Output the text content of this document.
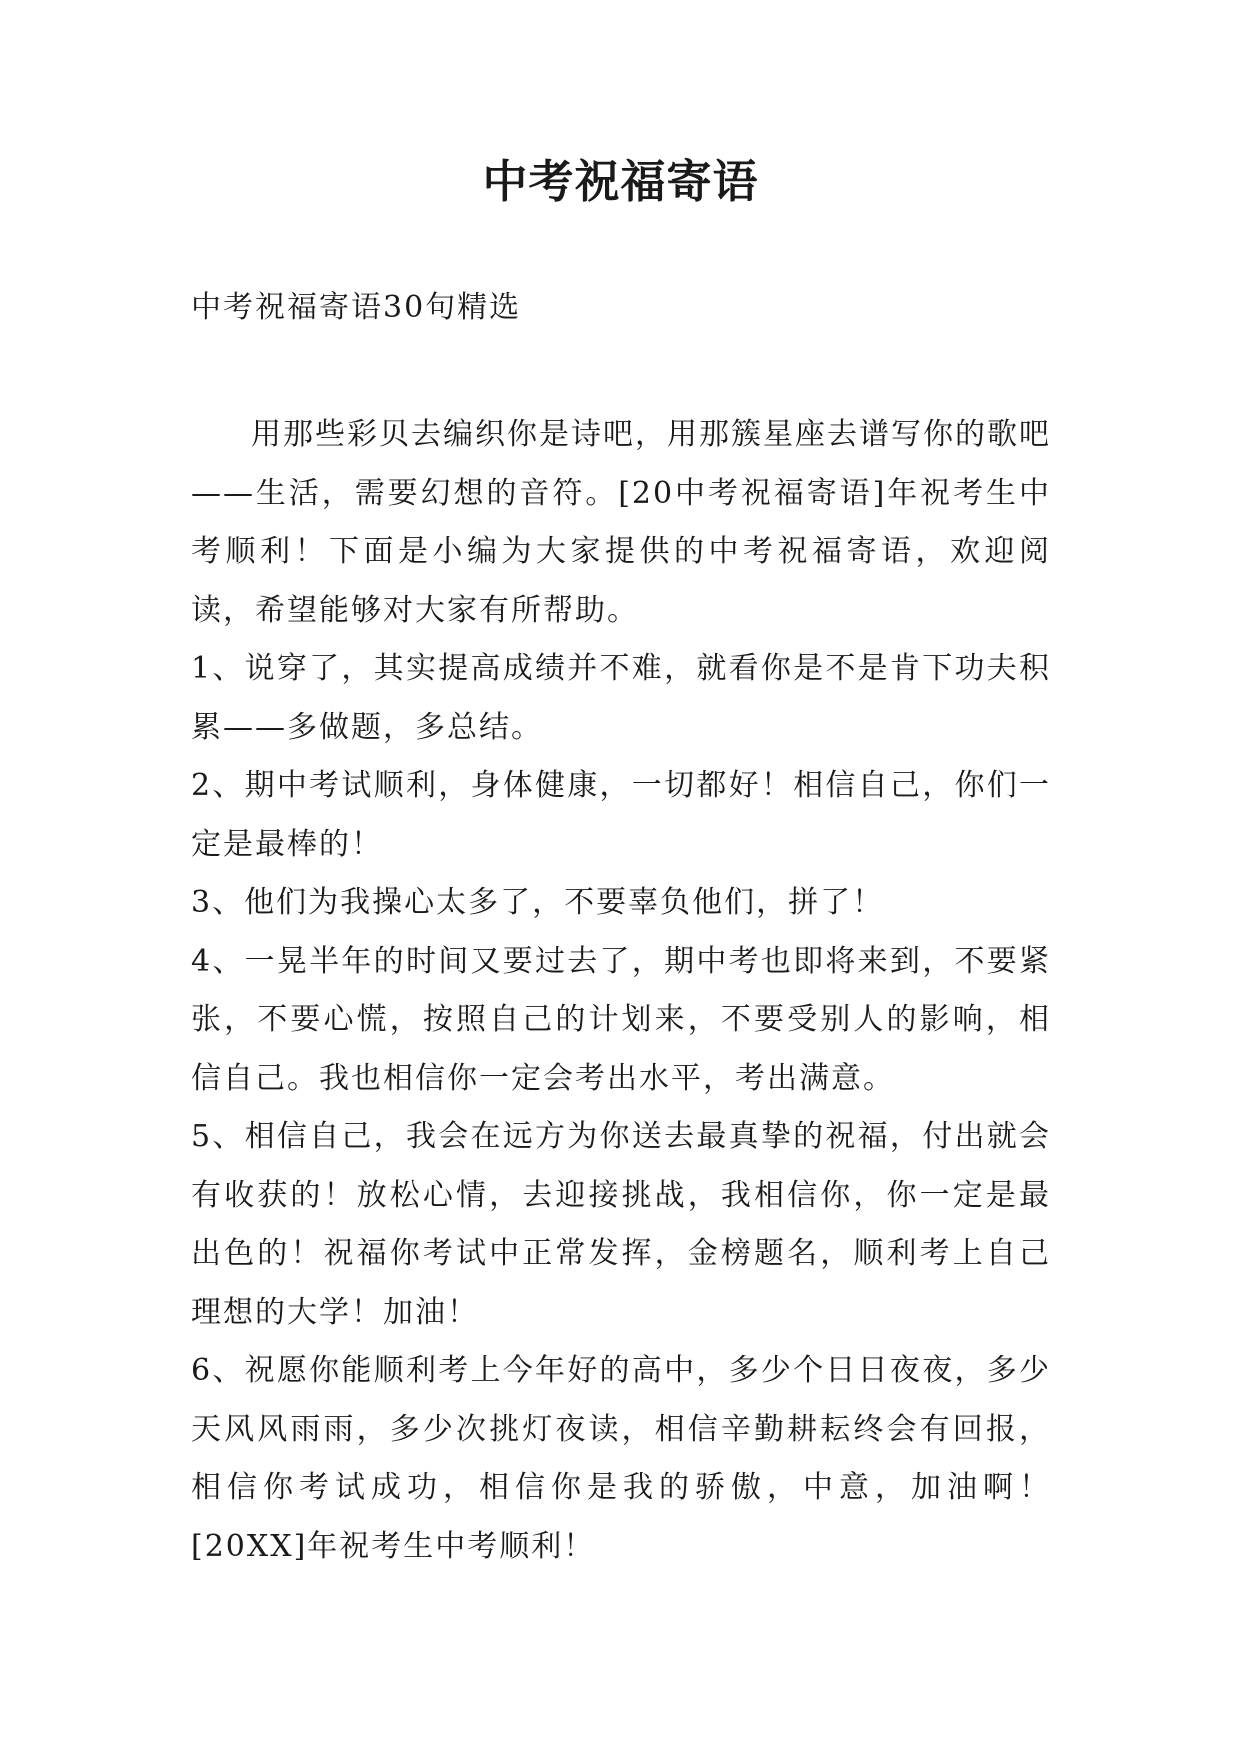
中考祝福寄语

中考祝福寄语30句精选

用那些彩贝去编织你是诗吧，用那簇星座去谱写你的歌吧——生活，需要幻想的音符。[20中考祝福寄语]年祝考生中考顺利！下面是小编为大家提供的中考祝福寄语，欢迎阅读，希望能够对大家有所帮助。

1、说穿了，其实提高成绩并不难，就看你是不是肯下功夫积累——多做题，多总结。

2、期中考试顺利，身体健康，一切都好！相信自己，你们一定是最棒的！

3、他们为我操心太多了，不要辜负他们，拼了！

4、一晃半年的时间又要过去了，期中考也即将来到，不要紧张，不要心慌，按照自己的计划来，不要受别人的影响，相信自己。我也相信你一定会考出水平，考出满意。

5、相信自己，我会在远方为你送去最真挚的祝福，付出就会有收获的！放松心情，去迎接挑战，我相信你，你一定是最出色的！祝福你考试中正常发挥，金榜题名，顺利考上自己理想的大学！加油！

6、祝愿你能顺利考上今年好的高中，多少个日日夜夜，多少天风风雨雨，多少次挑灯夜读，相信辛勤耕耘终会有回报，相信你考试成功，相信你是我的骄傲，中意，加油啊！[20XX]年祝考生中考顺利！
